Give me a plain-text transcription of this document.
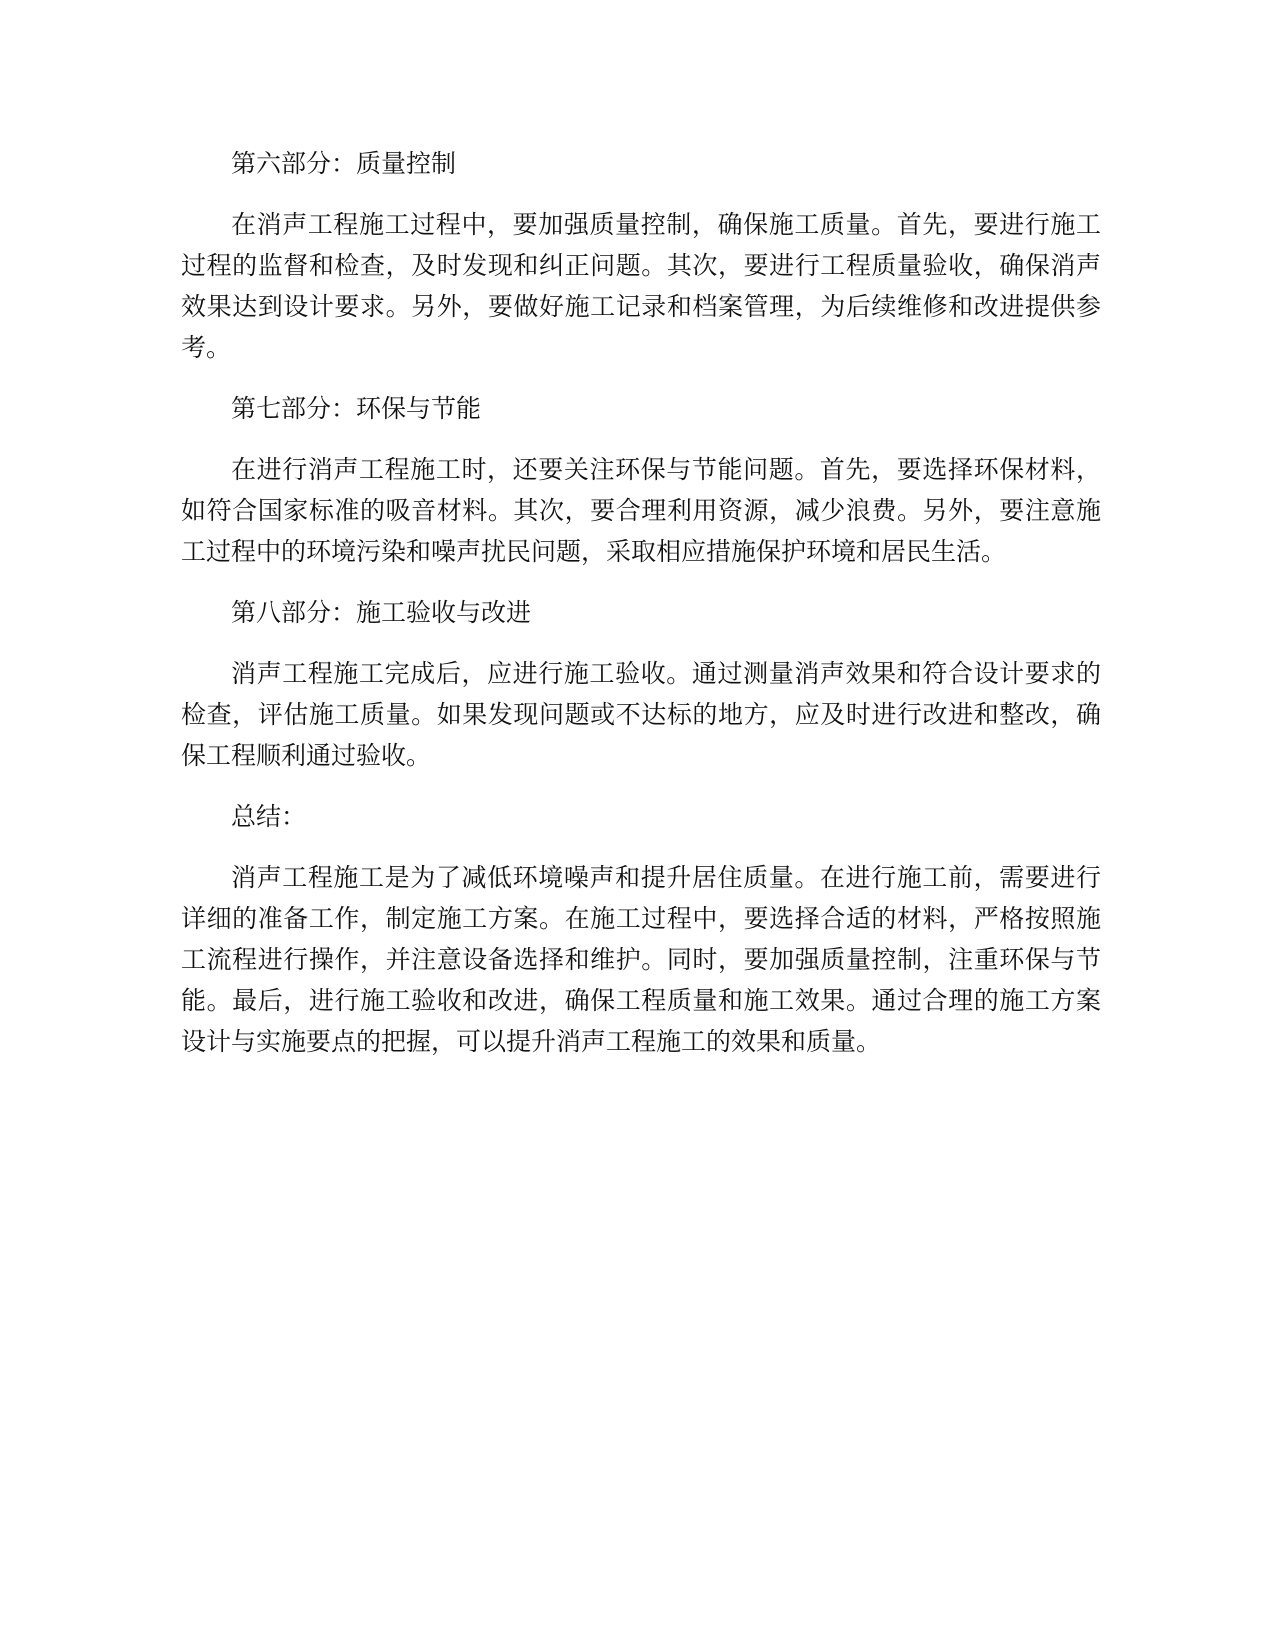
第六部分：质量控制

在消声工程施工过程中，要加强质量控制，确保施工质量。首先，要进行施工过程的监督和检查，及时发现和纠正问题。其次，要进行工程质量验收，确保消声效果达到设计要求。另外，要做好施工记录和档案管理，为后续维修和改进提供参考。

第七部分：环保与节能

在进行消声工程施工时，还要关注环保与节能问题。首先，要选择环保材料，如符合国家标准的吸音材料。其次，要合理利用资源，减少浪费。另外，要注意施工过程中的环境污染和噪声扰民问题，采取相应措施保护环境和居民生活。

第八部分：施工验收与改进

消声工程施工完成后，应进行施工验收。通过测量消声效果和符合设计要求的检查，评估施工质量。如果发现问题或不达标的地方，应及时进行改进和整改，确保工程顺利通过验收。

总结：

消声工程施工是为了减低环境噪声和提升居住质量。在进行施工前，需要进行详细的准备工作，制定施工方案。在施工过程中，要选择合适的材料，严格按照施工流程进行操作，并注意设备选择和维护。同时，要加强质量控制，注重环保与节能。最后，进行施工验收和改进，确保工程质量和施工效果。通过合理的施工方案设计与实施要点的把握，可以提升消声工程施工的效果和质量。
